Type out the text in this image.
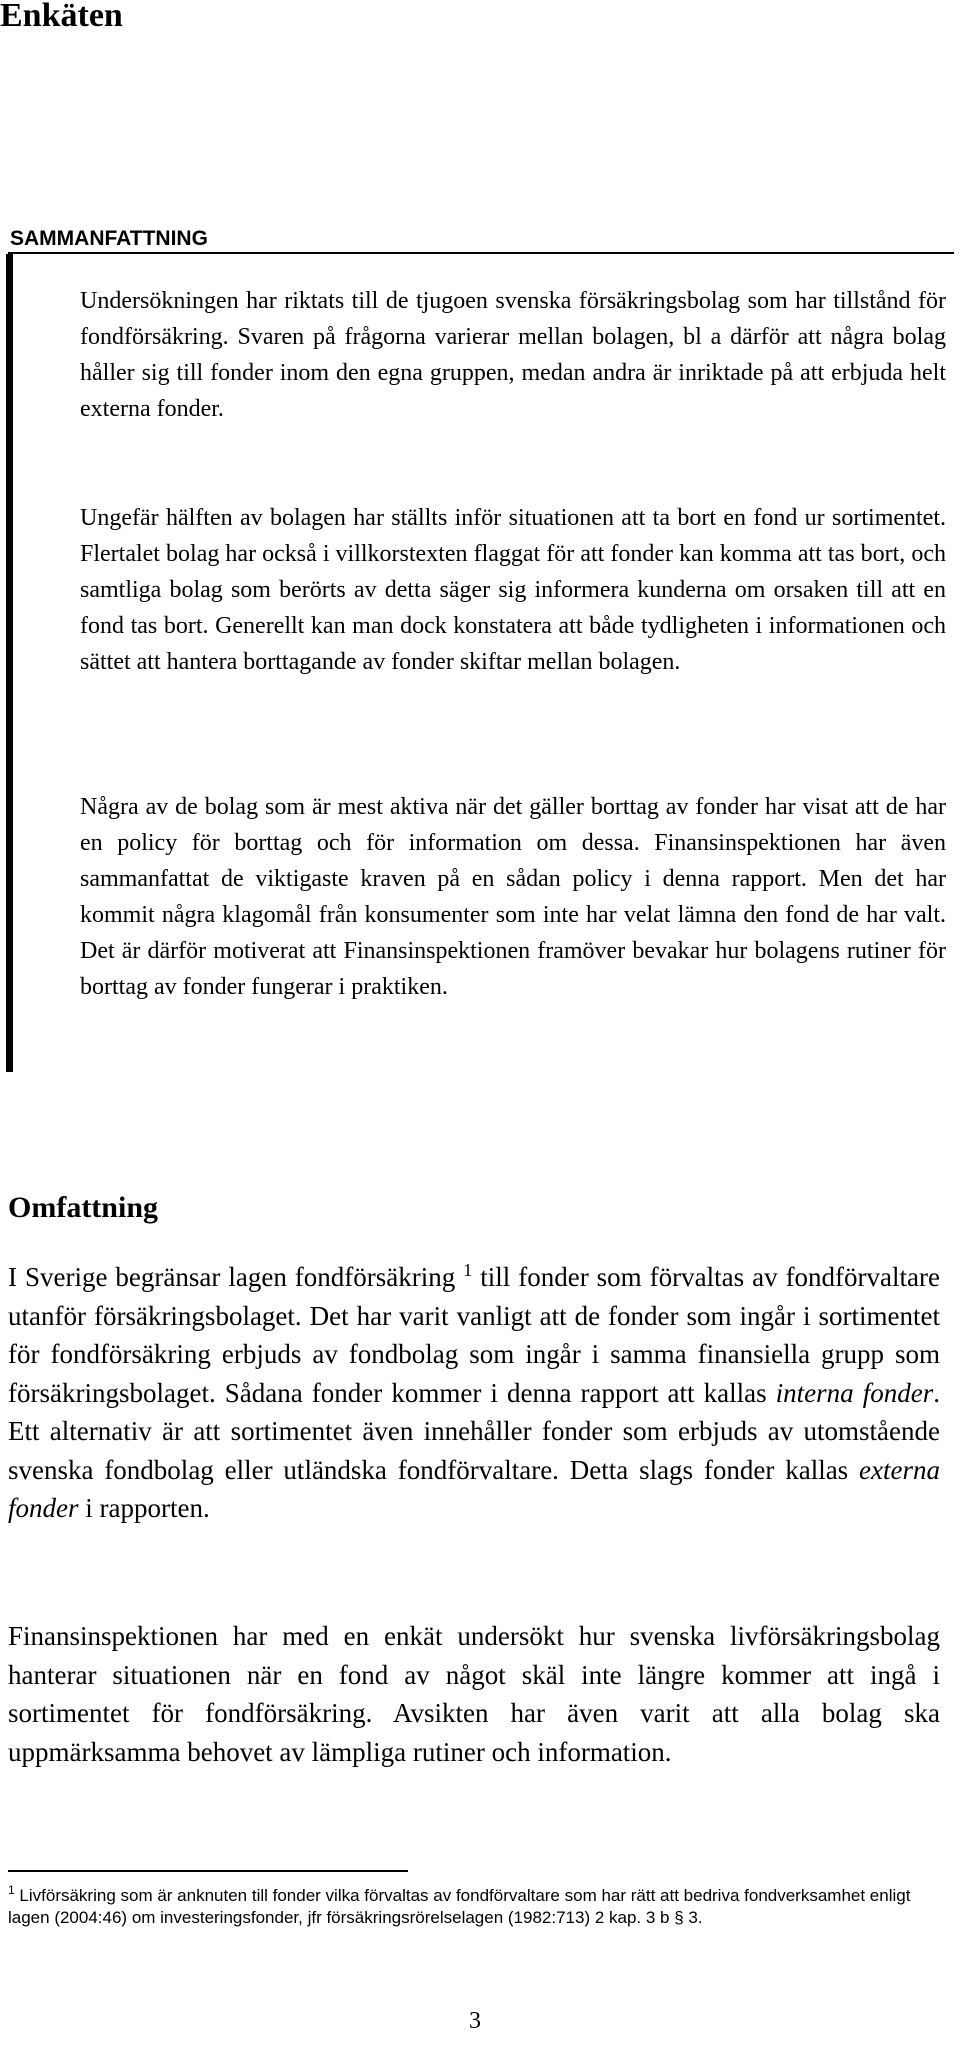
Enkäten
SAMMANFATTNING

Undersökningen har riktats till de tjugoen svenska försäkringsbolag som har tillstånd för fondförsäkring. Svaren på frågorna varierar mellan bolagen, bl a därför att några bolag håller sig till fonder inom den egna gruppen, medan andra är inriktade på att erbjuda helt externa fonder.

Ungefär hälften av bolagen har ställts inför situationen att ta bort en fond ur sortimentet. Flertalet bolag har också i villkorstexten flaggat för att fonder kan komma att tas bort, och samtliga bolag som berörts av detta säger sig informera kunderna om orsaken till att en fond tas bort. Generellt kan man dock konstatera att både tydligheten i informationen och sättet att hantera borttagande av fonder skiftar mellan bolagen.

Några av de bolag som är mest aktiva när det gäller borttag av fonder har visat att de har en policy för borttag och för information om dessa. Finansinspektionen har även sammanfattat de viktigaste kraven på en sådan policy i denna rapport. Men det har kommit några klagomål från konsumenter som inte har velat lämna den fond de har valt. Det är därför motiverat att Finansinspektionen framöver bevakar hur bolagens rutiner för borttag av fonder fungerar i praktiken.

Omfattning

I Sverige begränsar lagen fondförsäkring $^1$ till fonder som förvaltas av fondförvaltare utanför försäkringsbolaget. Det har varit vanligt att de fonder som ingår i sortimentet för fondförsäkring erbjuds av fondbolag som ingår i samma finansiella grupp som försäkringsbolaget. Sådana fonder kommer i denna rapport att kallas interna fonder. Ett alternativ är att sortimentet även innehåller fonder som erbjuds av utomstående svenska fondbolag eller utländska fondförvaltare. Detta slags fonder kallas externa fonder i rapporten.

Finansinspektionen har med en enkät undersökt hur svenska livförsäkringsbolag hanterar situationen när en fond av något skäl inte längre kommer att ingå i sortimentet för fondförsäkring. Avsikten har även varit att alla bolag ska uppmärksamma behovet av lämpliga rutiner och information.

$^1$ Livförsäkring som är anknuten till fonder vilka förvaltas av fondförvaltare som har rätt att bedriva fondverksamhet enligt lagen (2004:46) om investeringsfonder, jfr försäkringsrörelselagen (1982:713) 2 kap. 3 b § 3.

3
